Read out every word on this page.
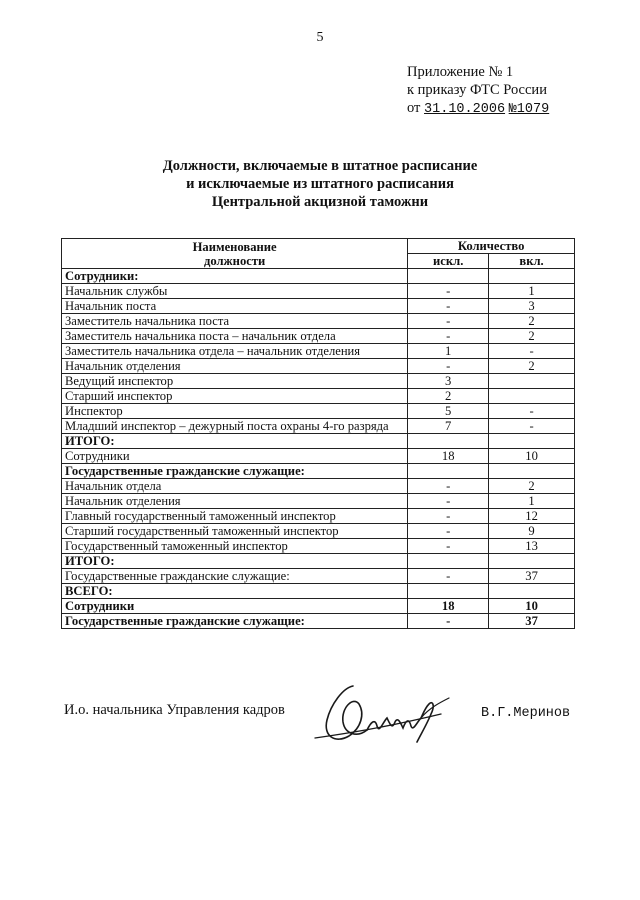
5
Приложение № 1
к приказу ФТС России
от 31.10.2006 №1079
Должности, включаемые в штатное расписание
и исключаемые из штатного расписания
Центральной акцизной таможни
Наименование
должности	Количество	
	искл.	вкл.
Сотрудники:		
Начальник службы	-	1
Начальник поста	-	3
Заместитель начальника поста	-	2
Заместитель начальника поста – начальник отдела	-	2
Заместитель начальника отдела – начальник отделения	1	-
Начальник отделения	-	2
Ведущий инспектор	3	
Старший инспектор	2	
Инспектор	5	-
Младший инспектор – дежурный поста охраны 4-го разряда	7	-
ИТОГО:		
Сотрудники	18	10
Государственные гражданские служащие:		
Начальник отдела	-	2
Начальник отделения	-	1
Главный государственный таможенный инспектор	-	12
Старший государственный таможенный инспектор	-	9
Государственный таможенный инспектор	-	13
ИТОГО:		
Государственные гражданские служащие:	-	37
ВСЕГО:		
Сотрудники	18	10
Государственные гражданские служащие:	-	37
И.о. начальника Управления кадров	В.Г.Меринов
